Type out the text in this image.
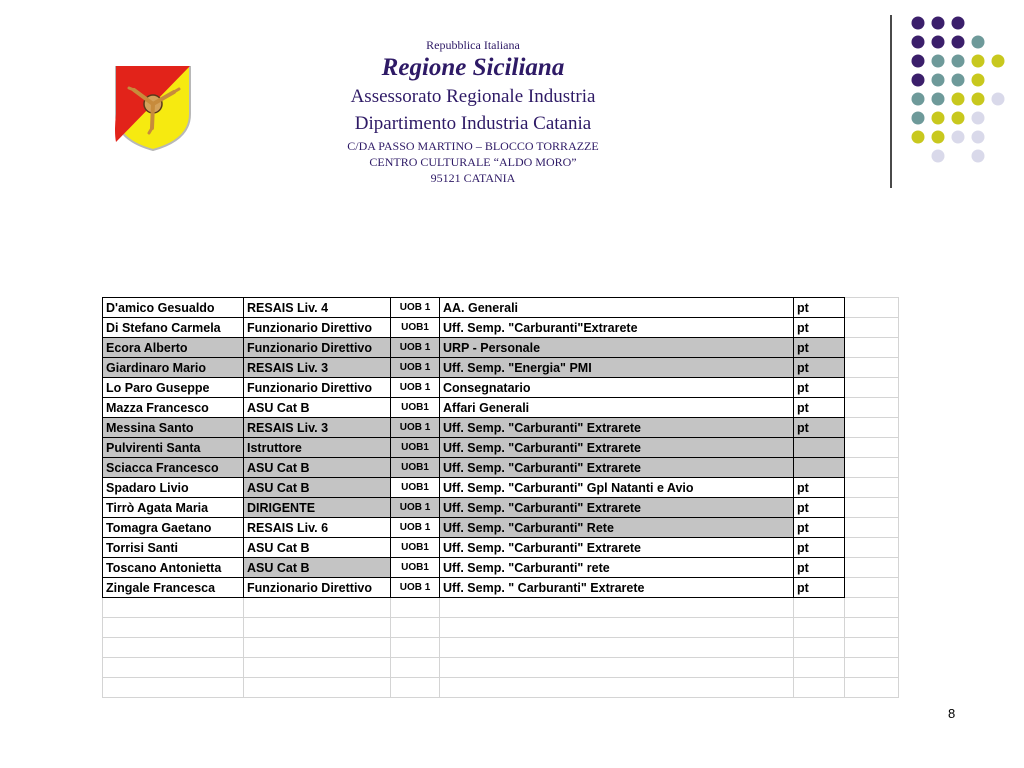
Repubblica Italiana
Regione Siciliana
Assessorato Regionale Industria
Dipartimento Industria Catania
C/DA PASSO MARTINO – BLOCCO TORRAZZE
CENTRO CULTURALE “ALDO MORO”
95121 CATANIA
D'amico Gesualdo	RESAIS Liv. 4	UOB 1	AA. Generali	pt	
Di Stefano Carmela	Funzionario Direttivo	UOB1	Uff. Semp. "Carburanti"Extrarete	pt	
Ecora Alberto	Funzionario Direttivo	UOB 1	URP - Personale	pt	
Giardinaro Mario	RESAIS Liv. 3	UOB 1	Uff. Semp. "Energia" PMI	pt	
Lo Paro Guseppe	Funzionario Direttivo	UOB 1	Consegnatario	pt	
Mazza Francesco	ASU Cat B	UOB1	Affari Generali	pt	
Messina Santo	RESAIS Liv. 3	UOB 1	Uff. Semp. "Carburanti" Extrarete	pt	
Pulvirenti Santa	Istruttore	UOB1	Uff. Semp. "Carburanti" Extrarete		
Sciacca Francesco	ASU Cat B	UOB1	Uff. Semp. "Carburanti" Extrarete		
Spadaro Livio	ASU Cat B	UOB1	Uff. Semp. "Carburanti" Gpl Natanti e Avio	pt	
Tirrò Agata Maria	DIRIGENTE	UOB 1	Uff. Semp. "Carburanti" Extrarete	pt	
Tomagra Gaetano	RESAIS Liv. 6	UOB 1	Uff. Semp. "Carburanti" Rete	pt	
Torrisi Santi	ASU Cat B	UOB1	Uff. Semp. "Carburanti" Extrarete	pt	
Toscano Antonietta	ASU Cat B	UOB1	Uff. Semp. "Carburanti" rete	pt	
Zingale Francesca	Funzionario Direttivo	UOB 1	Uff. Semp. " Carburanti" Extrarete	pt	

8
